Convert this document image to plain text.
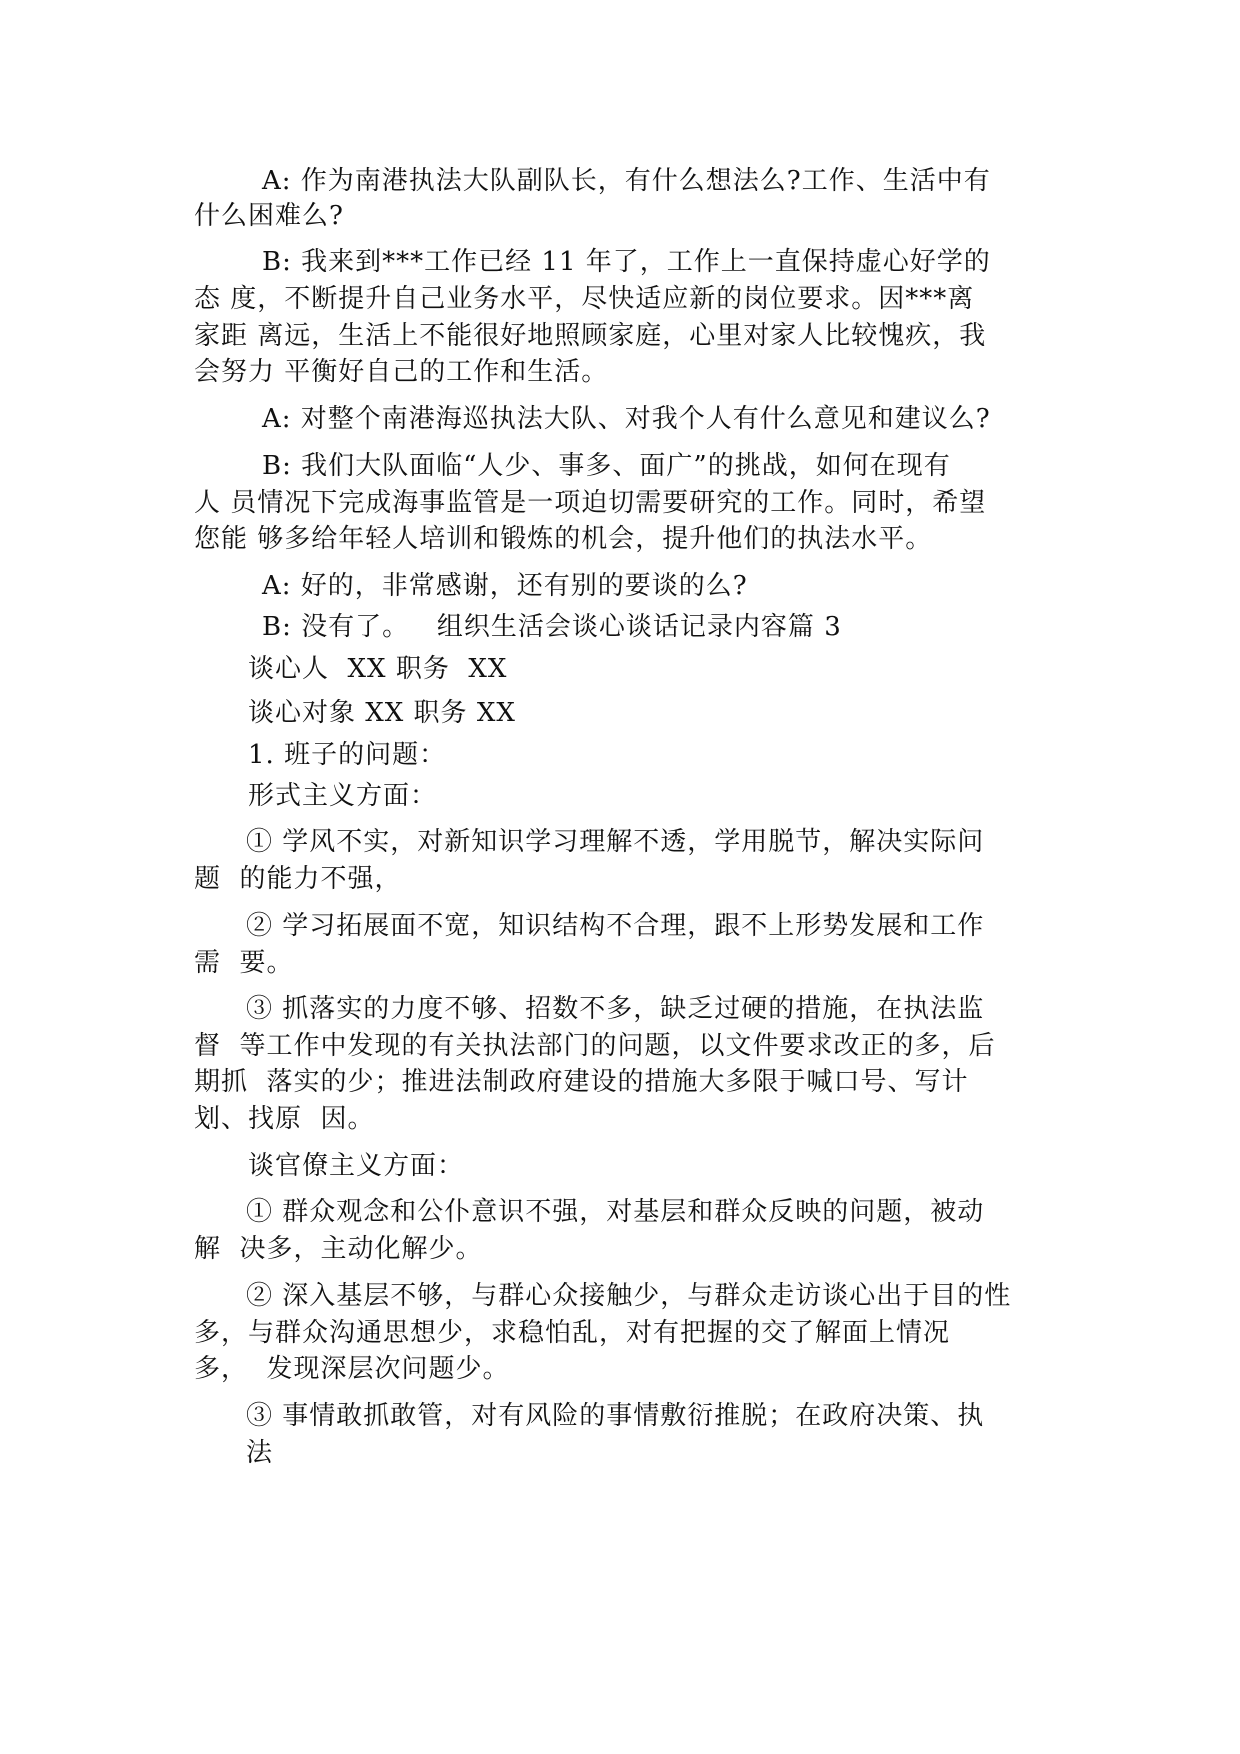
A: 作为南港执法大队副队长，有什么想法么?工作、生活中有
什么困难么?
B: 我来到***工作已经 11 年了，工作上一直保持虚心好学的
态 度，不断提升自己业务水平，尽快适应新的岗位要求。因***离
家距 离远，生活上不能很好地照顾家庭，心里对家人比较愧疚，我
会努力 平衡好自己的工作和生活。
A: 对整个南港海巡执法大队、对我个人有什么意见和建议么?
B: 我们大队面临“人少、事多、面广”的挑战，如何在现有
人 员情况下完成海事监管是一项迫切需要研究的工作。同时，希望
您能 够多给年轻人培训和锻炼的机会，提升他们的执法水平。
A: 好的，非常感谢，还有别的要谈的么?
B: 没有了。   组织生活会谈心谈话记录内容篇 3
谈心人  XX 职务  XX
谈心对象 XX 职务 XX
1. 班子的问题：
形式主义方面：
① 学风不实，对新知识学习理解不透，学用脱节，解决实际问
题  的能力不强，
② 学习拓展面不宽，知识结构不合理，跟不上形势发展和工作
需  要。
③ 抓落实的力度不够、招数不多，缺乏过硬的措施，在执法监
督  等工作中发现的有关执法部门的问题，以文件要求改正的多，后
期抓  落实的少；推进法制政府建设的措施大多限于喊口号、写计
划、找原  因。
谈官僚主义方面：
① 群众观念和公仆意识不强，对基层和群众反映的问题，被动
解  决多，主动化解少。
② 深入基层不够，与群心众接触少，与群众走访谈心出于目的性
多，与群众沟通思想少，求稳怕乱，对有把握的交了解面上情况
多，  发现深层次问题少。
③ 事情敢抓敢管，对有风险的事情敷衍推脱；在政府决策、执
法
